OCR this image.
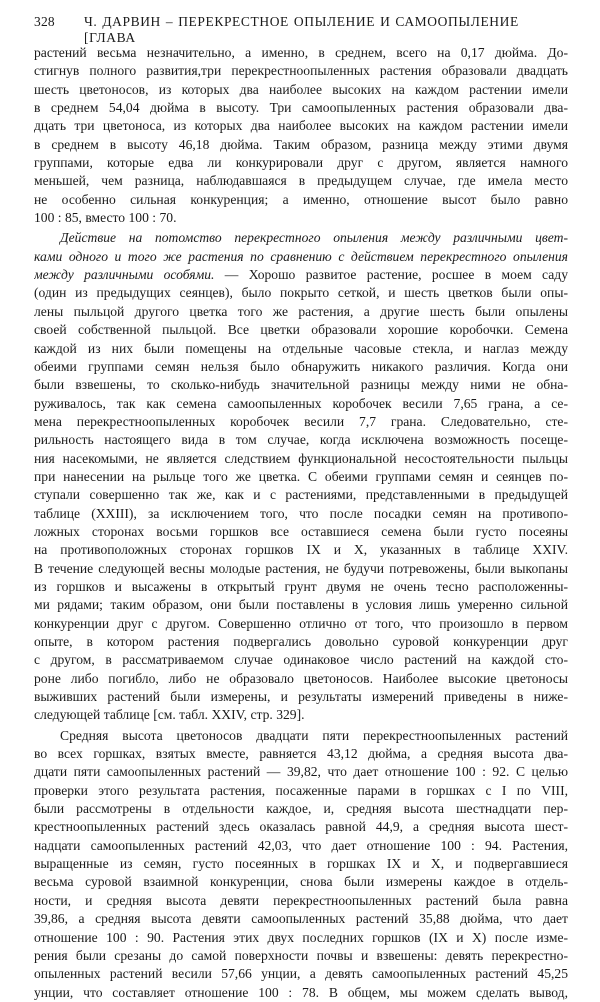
328	Ч. ДАРВИН – ПЕРЕКРЕСТНОЕ ОПЫЛЕНИЕ И САМООПЫЛЕНИЕ [ГЛАВА
растений весьма незначительно, а именно, в среднем, всего на 0,17 дюйма. До-
стигнув полного развития,три перекрестноопыленных растения образовали двадцать
шесть цветоносов, из которых два наиболее высоких на каждом растении имели
в среднем 54,04 дюйма в высоту. Три самоопыленных растения образовали два-
дцать три цветоноса, из которых два наиболее высоких на каждом растении имели
в среднем в высоту 46,18 дюйма. Таким образом, разница между этими двумя
группами, которые едва ли конкурировали друг с другом, является намного
меньшей, чем разница, наблюдавшаяся в предыдущем случае, где имела место
не особенно сильная конкуренция; а именно, отношение высот было равно
100 : 85, вместо 100 : 70.
Действие на потомство перекрестного опыления между различными цвет-
ками одного и того же растения по сравнению с действием перекрестного опыления
между различными особями. — Хорошо развитое растение, росшее в моем саду
(один из предыдущих сеянцев), было покрыто сеткой, и шесть цветков были опы-
лены пыльцой другого цветка того же растения, а другие шесть были опылены
своей собственной пыльцой. Все цветки образовали хорошие коробочки. Семена
каждой из них были помещены на отдельные часовые стекла, и наглаз между
обеими группами семян нельзя было обнаружить никакого различия. Когда они
были взвешены, то сколько-нибудь значительной разницы между ними не обна-
руживалось, так как семена самоопыленных коробочек весили 7,65 грана, а се-
мена перекрестноопыленных коробочек весили 7,7 грана. Следовательно, сте-
рильность настоящего вида в том случае, когда исключена возможность посеще-
ния насекомыми, не является следствием функциональной несостоятельности пыльцы
при нанесении на рыльце того же цветка. С обеими группами семян и сеянцев по-
ступали совершенно так же, как и с растениями, представленными в предыдущей
таблице (XXIII), за исключением того, что после посадки семян на противопо-
ложных сторонах восьми горшков все оставшиеся семена были густо посеяны
на противоположных сторонах горшков IX и X, указанных в таблице XXIV.
В течение следующей весны молодые растения, не будучи потревожены, были выкопаны
из горшков и высажены в открытый грунт двумя не очень тесно расположенны-
ми рядами; таким образом, они были поставлены в условия лишь умеренно сильной
конкуренции друг с другом. Совершенно отлично от того, что произошло в первом
опыте, в котором растения подвергались довольно суровой конкуренции друг
с другом, в рассматриваемом случае одинаковое число растений на каждой сто-
роне либо погибло, либо не образовало цветоносов. Наиболее высокие цветоносы
выживших растений были измерены, и результаты измерений приведены в ниже-
следующей таблице [см. табл. XXIV, стр. 329].
Средняя высота цветоносов двадцати пяти перекрестноопыленных растений
во всех горшках, взятых вместе, равняется 43,12 дюйма, а средняя высота два-
дцати пяти самоопыленных растений — 39,82, что дает отношение 100 : 92. С целью
проверки этого результата растения, посаженные парами в горшках с I по VIII,
были рассмотрены в отдельности каждое, и, средняя высота шестнадцати пер-
крестноопыленных растений здесь оказалась равной 44,9, а средняя высота шест-
надцати самоопыленных растений 42,03, что дает отношение 100 : 94. Растения,
выращенные из семян, густо посеянных в горшках IX и X, и подвергавшиеся
весьма суровой взаимной конкуренции, снова были измерены каждое в отдель-
ности, и средняя высота девяти перекрестноопыленных растений была равна
39,86, а средняя высота девяти самоопыленных растений 35,88 дюйма, что дает
отношение 100 : 90. Растения этих двух последних горшков (IX и X) после изме-
рения были срезаны до самой поверхности почвы и взвешены: девять перекрестно-
опыленных растений весили 57,66 унции, а девять самоопыленных растений 45,25
унции, что составляет отношение 100 : 78. В общем, мы можем сделать вывод,
